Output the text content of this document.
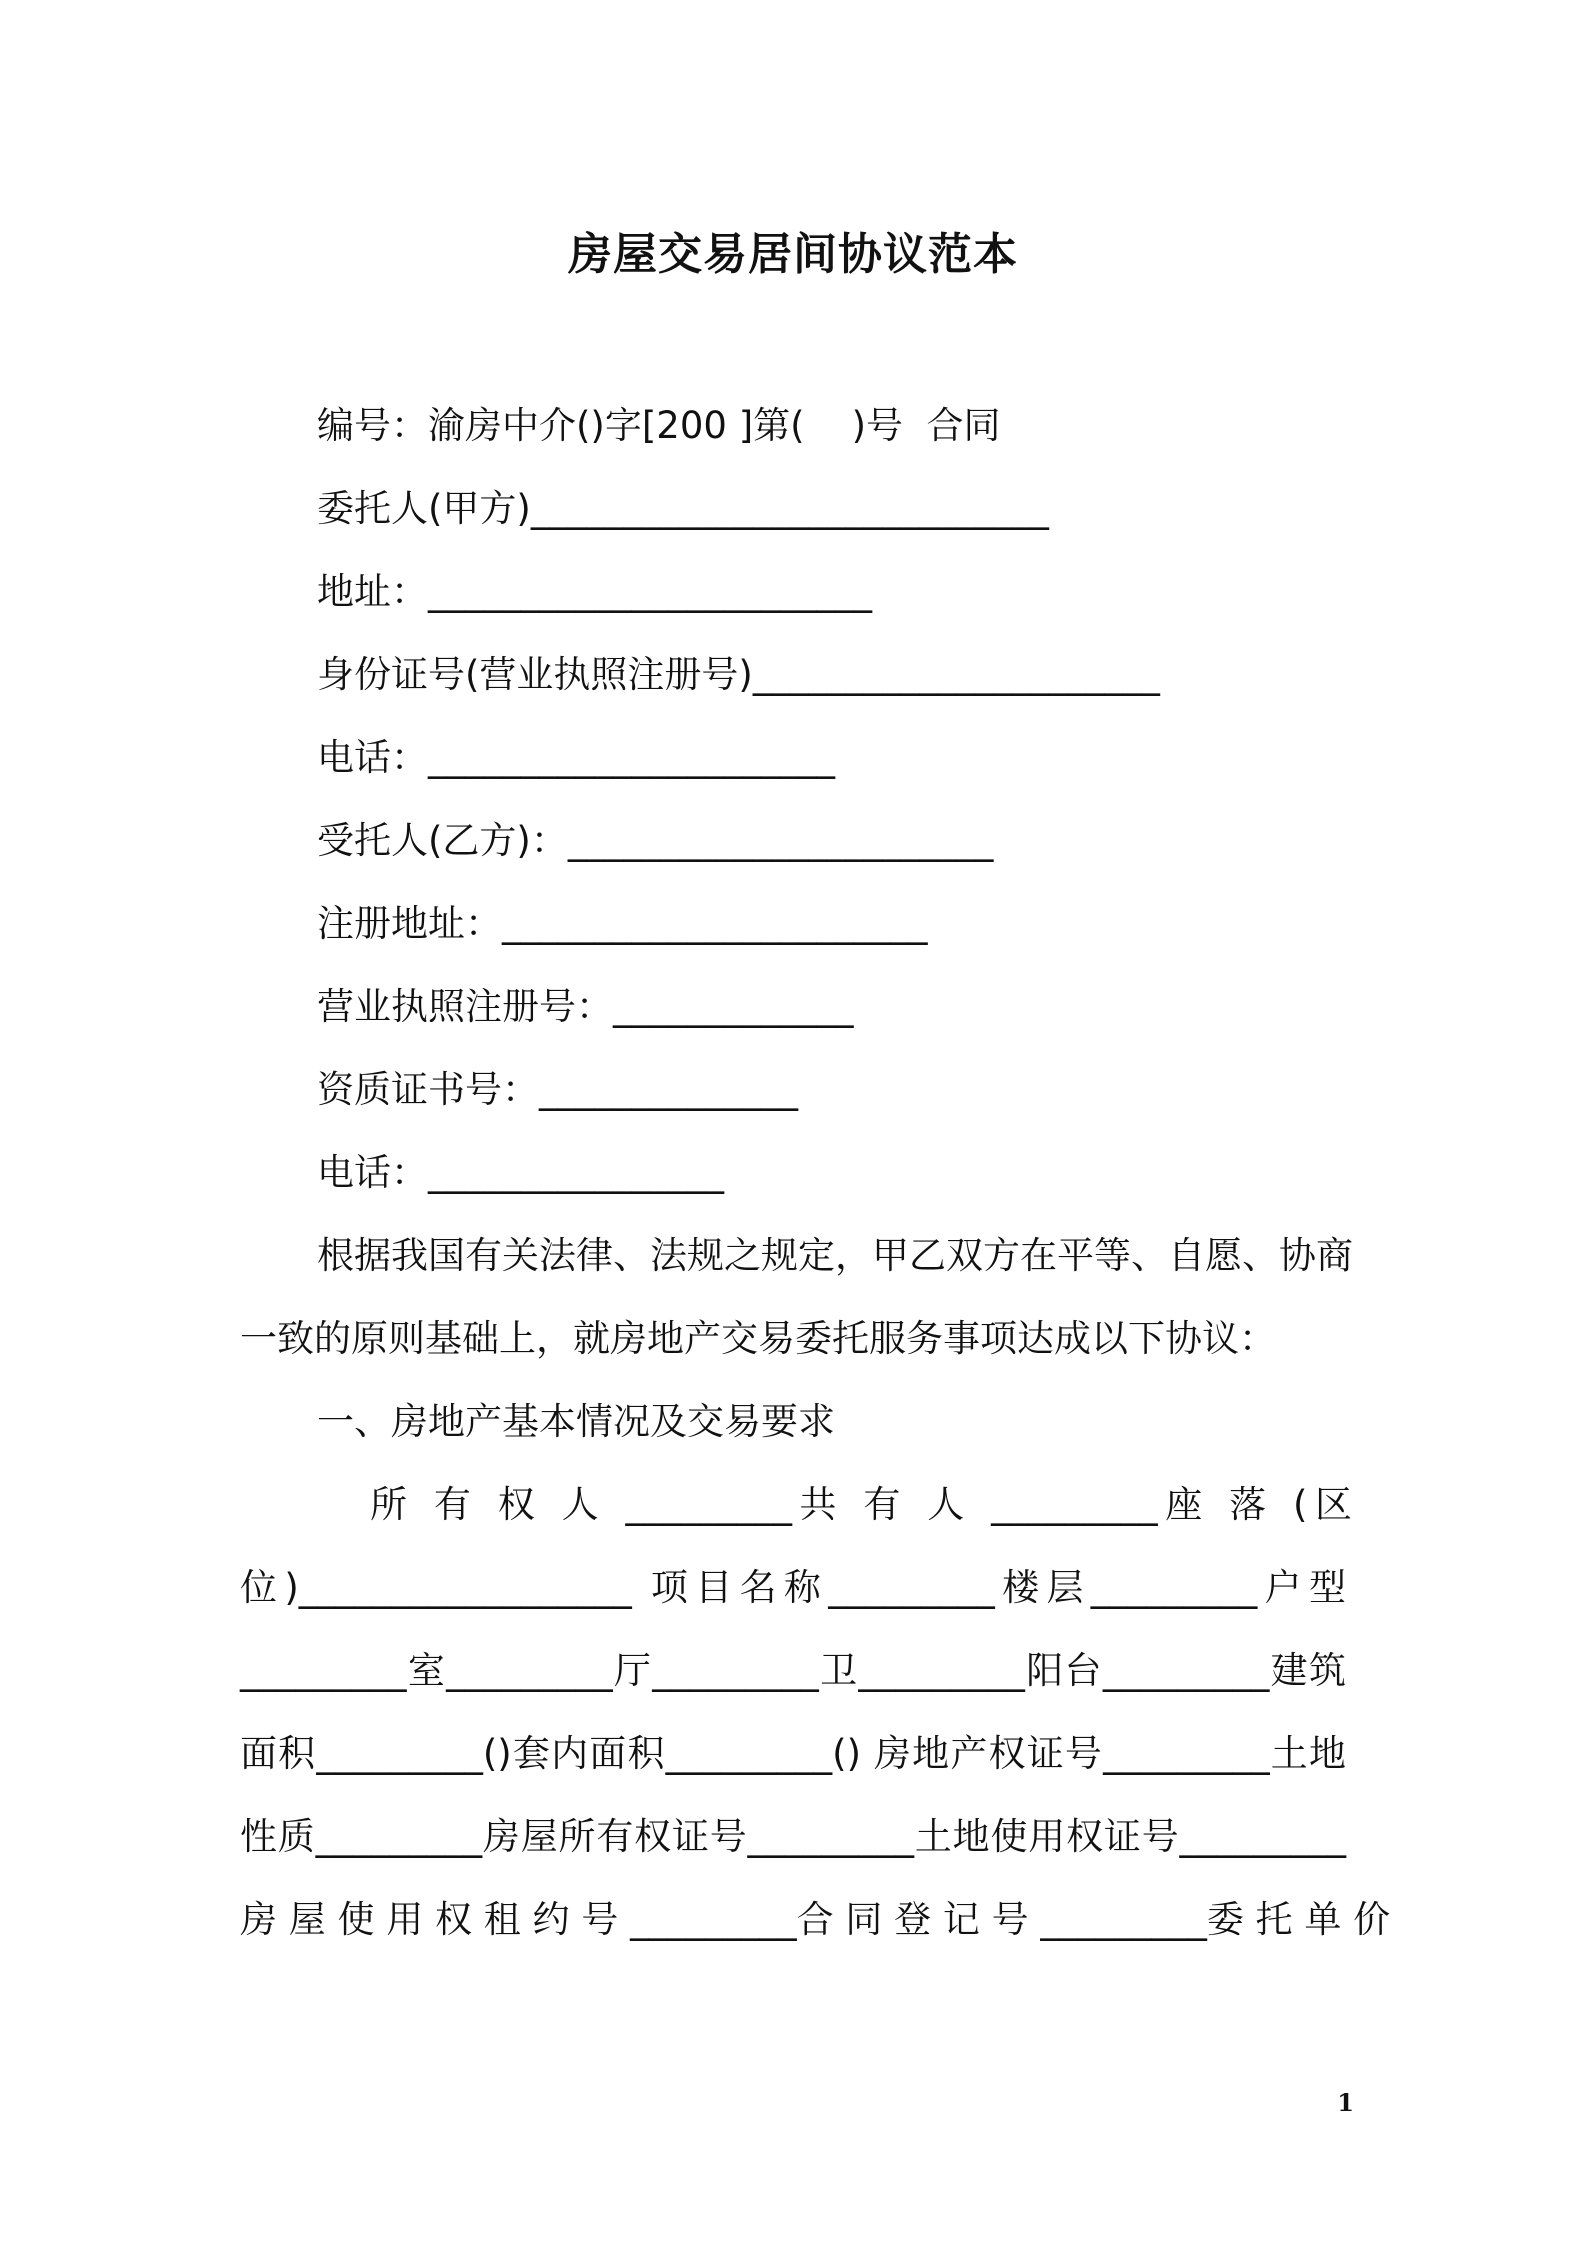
房屋交易居间协议范本
编号：渝房中介()字[200 ]第(    )号  合同
委托人(甲方)____________________________
地址：________________________
身份证号(营业执照注册号)______________________
电话：______________________
受托人(乙方)：_______________________
注册地址：_______________________
营业执照注册号：_____________
资质证书号：______________
电话：________________
根据我国有关法律、法规之规定，甲乙双方在平等、自愿、协商
一致的原则基础上，就房地产交易委托服务事项达成以下协议：
一、房地产基本情况及交易要求
所 有 权 人 _________共 有 人 _________座 落 (区
位)__________________ 项目名称_________楼层_________户型
_________室_________厅_________卫_________阳台_________建筑
面积_________()套内面积_________() 房地产权证号_________土地
性质_________房屋所有权证号_________土地使用权证号_________
房 屋 使 用 权 租 约 号 _________合 同 登 记 号 _________委 托 单 价
1
